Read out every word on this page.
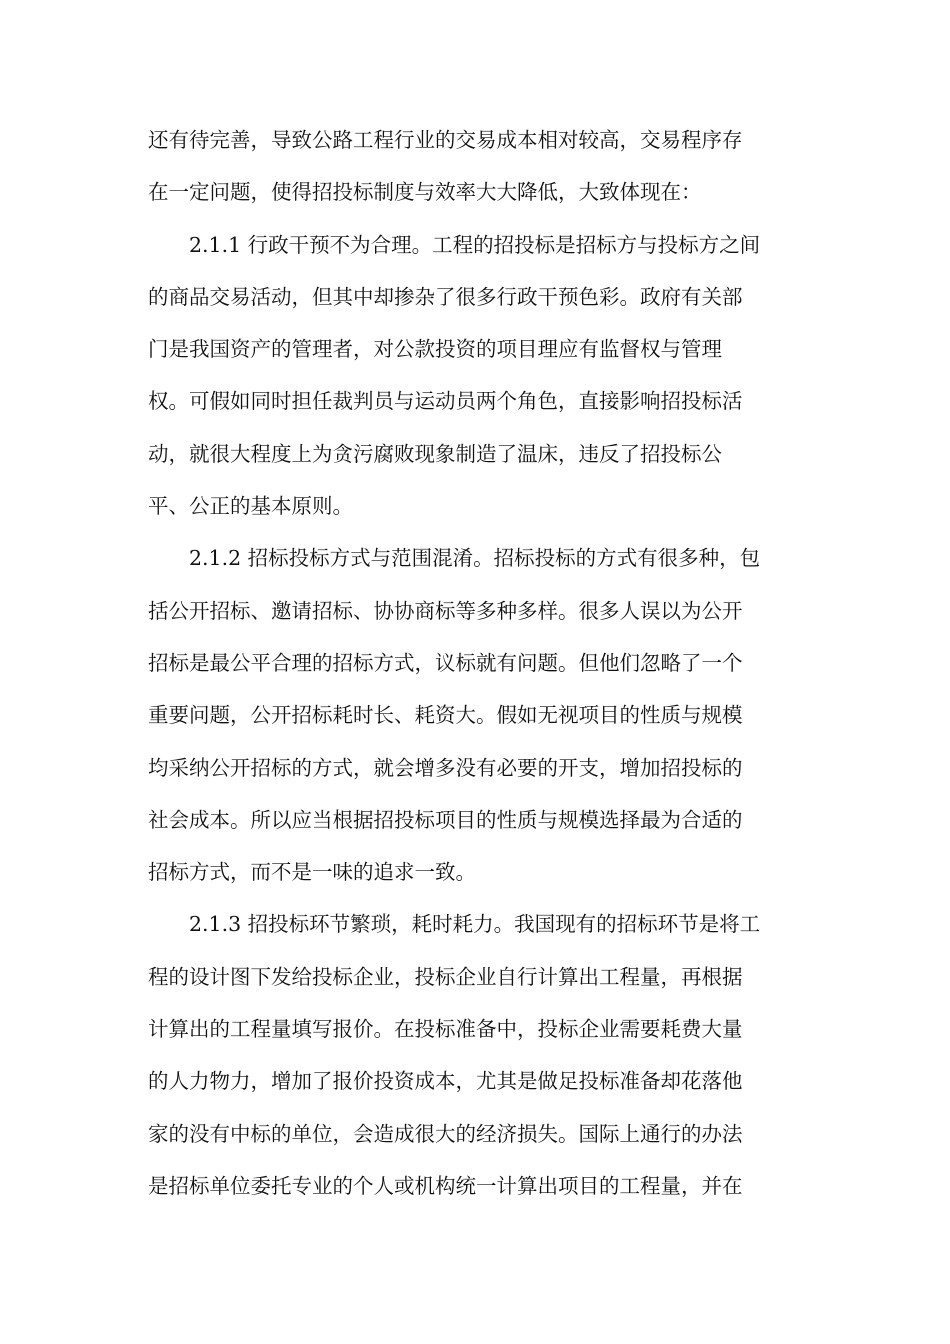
还有待完善，导致公路工程行业的交易成本相对较高，交易程序存
在一定问题，使得招投标制度与效率大大降低，大致体现在：
2.1.1 行政干预不为合理。工程的招投标是招标方与投标方之间
的商品交易活动，但其中却掺杂了很多行政干预色彩。政府有关部
门是我国资产的管理者，对公款投资的项目理应有监督权与管理
权。可假如同时担任裁判员与运动员两个角色，直接影响招投标活
动，就很大程度上为贪污腐败现象制造了温床，违反了招投标公
平、公正的基本原则。
2.1.2 招标投标方式与范围混淆。招标投标的方式有很多种，包
括公开招标、邀请招标、协协商标等多种多样。很多人误以为公开
招标是最公平合理的招标方式，议标就有问题。但他们忽略了一个
重要问题，公开招标耗时长、耗资大。假如无视项目的性质与规模
均采纳公开招标的方式，就会增多没有必要的开支，增加招投标的
社会成本。所以应当根据招投标项目的性质与规模选择最为合适的
招标方式，而不是一味的追求一致。
2.1.3 招投标环节繁琐，耗时耗力。我国现有的招标环节是将工
程的设计图下发给投标企业，投标企业自行计算出工程量，再根据
计算出的工程量填写报价。在投标准备中，投标企业需要耗费大量
的人力物力，增加了报价投资成本，尤其是做足投标准备却花落他
家的没有中标的单位，会造成很大的经济损失。国际上通行的办法
是招标单位委托专业的个人或机构统一计算出项目的工程量，并在
